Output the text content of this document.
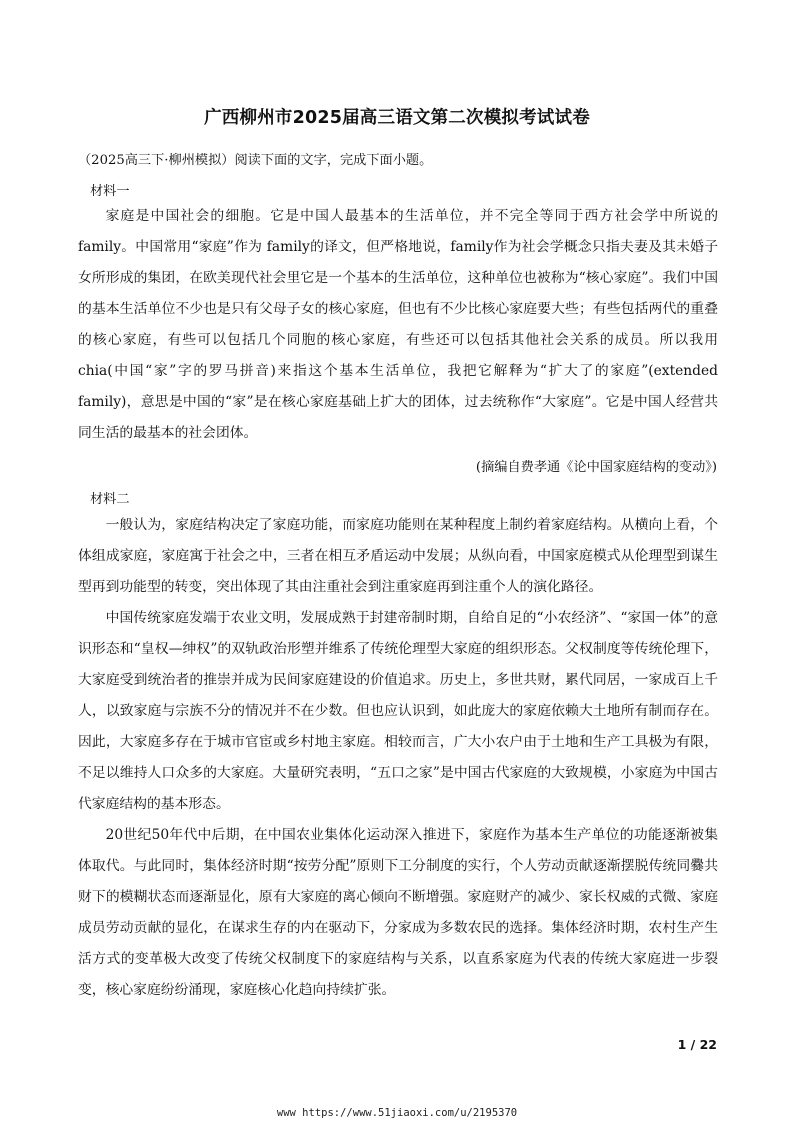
广西柳州市2025届高三语文第二次模拟考试试卷
（2025高三下·柳州模拟）阅读下面的文字，完成下面小题。
材料一

家庭是中国社会的细胞。它是中国人最基本的生活单位，并不完全等同于西方社会学中所说的family。中国常用“家庭”作为 family的译文，但严格地说，family作为社会学概念只指夫妻及其未婚子女所形成的集团，在欧美现代社会里它是一个基本的生活单位，这种单位也被称为“核心家庭”。我们中国的基本生活单位不少也是只有父母子女的核心家庭，但也有不少比核心家庭要大些；有些包括两代的重叠的核心家庭，有些可以包括几个同胞的核心家庭，有些还可以包括其他社会关系的成员。所以我用 chia(中国“家”字的罗马拼音)来指这个基本生活单位，我把它解释为“扩大了的家庭”(extended family)，意思是中国的“家”是在核心家庭基础上扩大的团体，过去统称作“大家庭”。它是中国人经营共同生活的最基本的社会团体。

(摘编自费孝通《论中国家庭结构的变动》)
材料二

一般认为，家庭结构决定了家庭功能，而家庭功能则在某种程度上制约着家庭结构。从横向上看，个体组成家庭，家庭寓于社会之中，三者在相互矛盾运动中发展；从纵向看，中国家庭模式从伦理型到谋生型再到功能型的转变，突出体现了其由注重社会到注重家庭再到注重个人的演化路径。

中国传统家庭发端于农业文明，发展成熟于封建帝制时期，自给自足的“小农经济”、“家国一体”的意识形态和“皇权—绅权”的双轨政治形塑并维系了传统伦理型大家庭的组织形态。父权制度等传统伦理下，大家庭受到统治者的推崇并成为民间家庭建设的价值追求。历史上，多世共财，累代同居，一家成百上千人，以致家庭与宗族不分的情况并不在少数。但也应认识到，如此庞大的家庭依赖大土地所有制而存在。因此，大家庭多存在于城市官宦或乡村地主家庭。相较而言，广大小农户由于土地和生产工具极为有限，不足以维持人口众多的大家庭。大量研究表明，“五口之家”是中国古代家庭的大致规模，小家庭为中国古代家庭结构的基本形态。

20世纪50年代中后期，在中国农业集体化运动深入推进下，家庭作为基本生产单位的功能逐渐被集体取代。与此同时，集体经济时期“按劳分配”原则下工分制度的实行，个人劳动贡献逐渐摆脱传统同爨共财下的模糊状态而逐渐显化，原有大家庭的离心倾向不断增强。家庭财产的减少、家长权威的式微、家庭成员劳动贡献的显化，在谋求生存的内在驱动下，分家成为多数农民的选择。集体经济时期，农村生产生活方式的变革极大改变了传统父权制度下的家庭结构与关系，以直系家庭为代表的传统大家庭进一步裂变，核心家庭纷纷涌现，家庭核心化趋向持续扩张。

1 / 22
www https://www.51jiaoxi.com/u/2195370
